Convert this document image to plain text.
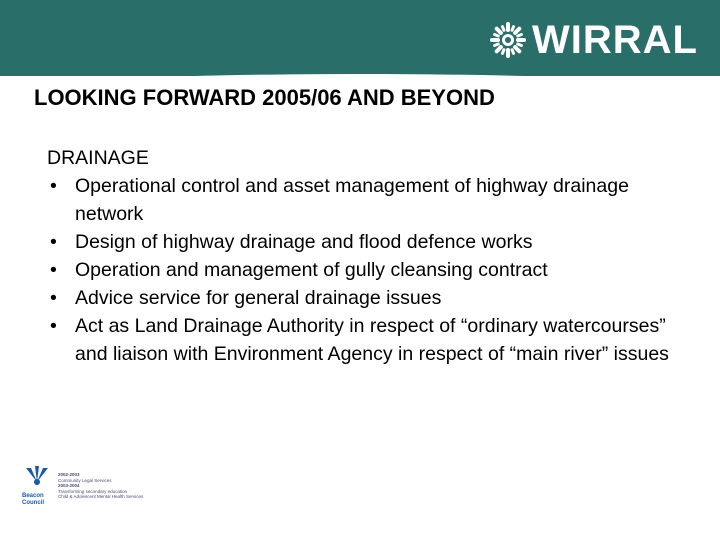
WIRRAL
LOOKING FORWARD 2005/06 AND BEYOND

DRAINAGE

• Operational control and asset management of highway drainage network
• Design of highway drainage and flood defence works
• Operation and management of gully cleansing contract
• Advice service for general drainage issues
• Act as Land Drainage Authority in respect of “ordinary watercourses” and liaison with Environment Agency in respect of “main river” issues
Beacon
Council
2002-2003
Community Legal Services
2003-2004
Transforming secondary education
Child & Adolescent Mental Health Services
